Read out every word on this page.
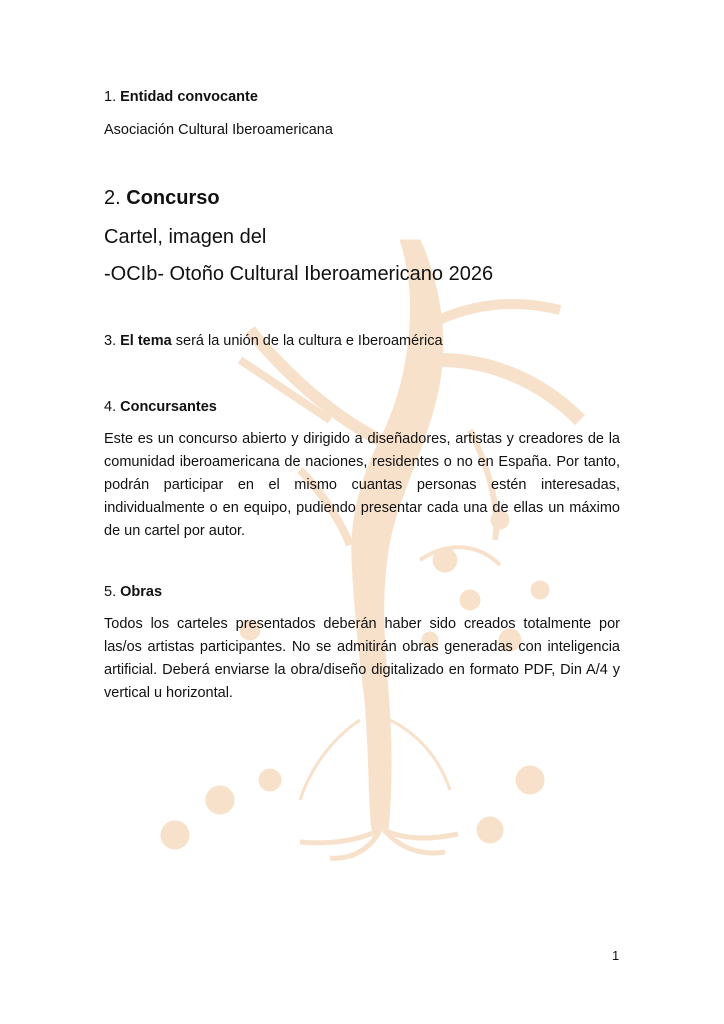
1. Entidad convocante
Asociación Cultural Iberoamericana
2. Concurso
Cartel, imagen del
-OCIb- Otoño Cultural Iberoamericano 2026
3. El tema será la unión de la cultura e Iberoamérica
4. Concursantes
Este es un concurso abierto y dirigido a diseñadores, artistas y creadores de la comunidad iberoamericana de naciones, residentes o no en España. Por tanto, podrán participar en el mismo cuantas personas estén interesadas, individualmente o en equipo, pudiendo presentar cada una de ellas un máximo de un cartel por autor.
5. Obras
Todos los carteles presentados deberán haber sido creados totalmente por las/os artistas participantes. No se admitirán obras generadas con inteligencia artificial. Deberá enviarse la obra/diseño digitalizado en formato PDF, Din A/4 y vertical u horizontal.
1
